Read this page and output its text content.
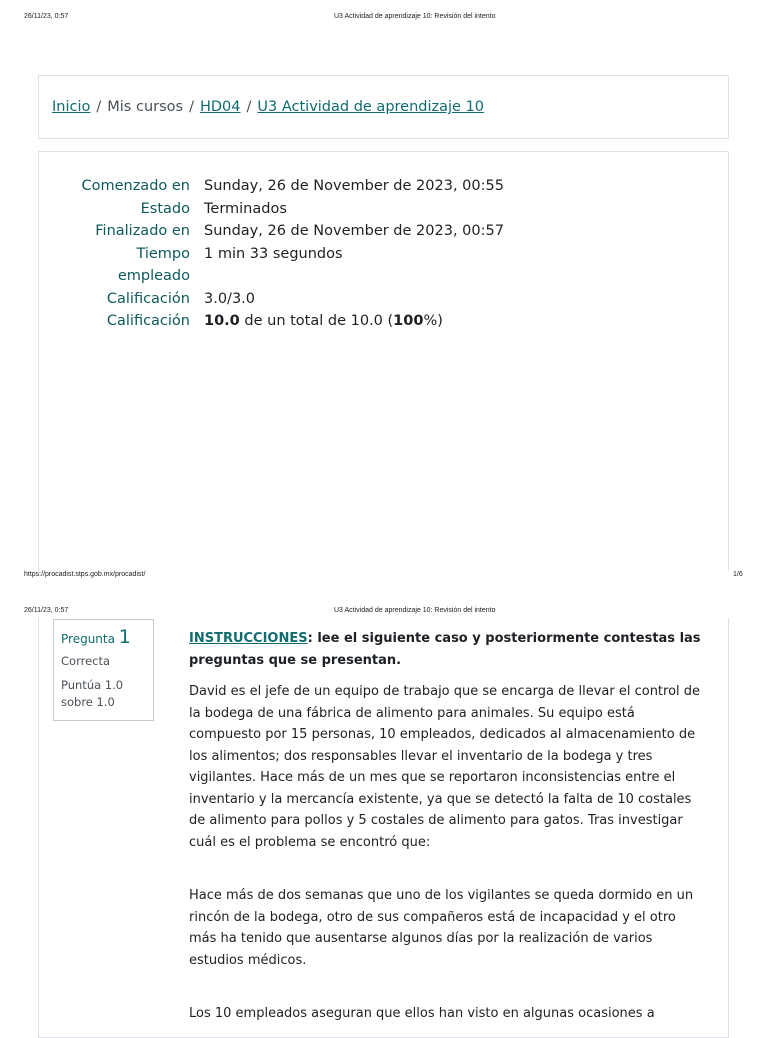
26/11/23, 0:57	U3 Actividad de aprendizaje 10: Revisión del intento
Inicio / Mis cursos / HD04 / U3 Actividad de aprendizaje 10
Comenzado en	Sunday, 26 de November de 2023, 00:55
Estado	Terminados
Finalizado en	Sunday, 26 de November de 2023, 00:57
Tiempo empleado	1 min 33 segundos
Calificación	3.0/3.0
Calificación	10.0 de un total de 10.0 (100%)
https://procadist.stps.gob.mx/procadist/	1/6
26/11/23, 0:57	U3 Actividad de aprendizaje 10: Revisión del intento
Pregunta 1
Correcta
Puntúa 1.0 sobre 1.0

INSTRUCCIONES: lee el siguiente caso y posteriormente contestas las preguntas que se presentan.

David es el jefe de un equipo de trabajo que se encarga de llevar el control de la bodega de una fábrica de alimento para animales. Su equipo está compuesto por 15 personas, 10 empleados, dedicados al almacenamiento de los alimentos; dos responsables llevar el inventario de la bodega y tres vigilantes. Hace más de un mes que se reportaron inconsistencias entre el inventario y la mercancía existente, ya que se detectó la falta de 10 costales de alimento para pollos y 5 costales de alimento para gatos. Tras investigar cuál es el problema se encontró que:

Hace más de dos semanas que uno de los vigilantes se queda dormido en un rincón de la bodega, otro de sus compañeros está de incapacidad y el otro más ha tenido que ausentarse algunos días por la realización de varios estudios médicos.

Los 10 empleados aseguran que ellos han visto en algunas ocasiones a
